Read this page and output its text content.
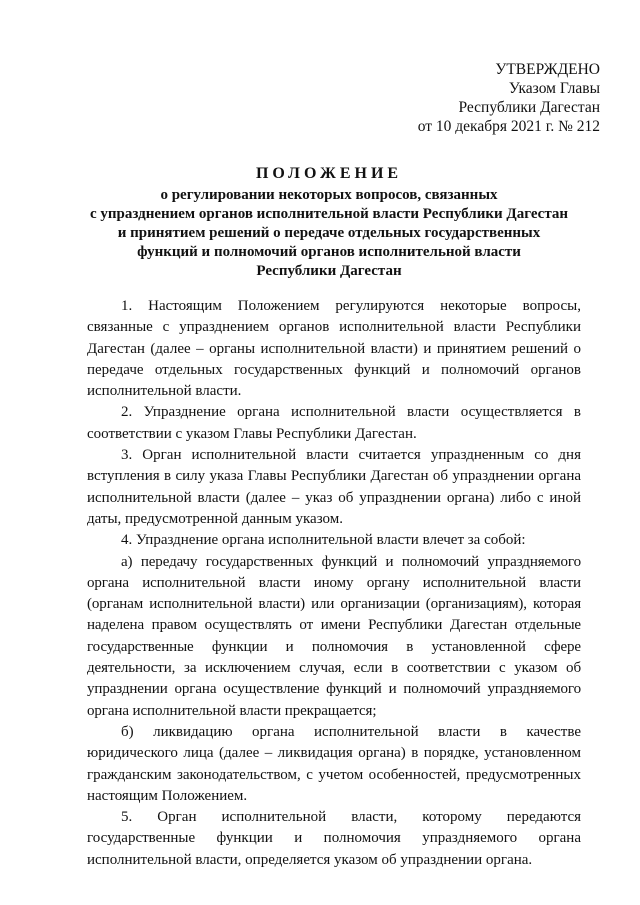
УТВЕРЖДЕНО
Указом Главы
Республики Дагестан
от 10 декабря 2021 г. № 212
ПОЛОЖЕНИЕ
о регулировании некоторых вопросов, связанных
с упразднением органов исполнительной власти Республики Дагестан
и принятием решений о передаче отдельных государственных
функций и полномочий органов исполнительной власти
Республики Дагестан

1. Настоящим Положением регулируются некоторые вопросы, связанные с упразднением органов исполнительной власти Республики Дагестан (далее – органы исполнительной власти) и принятием решений о передаче отдельных государственных функций и полномочий органов исполнительной власти.

2. Упразднение органа исполнительной власти осуществляется в соответствии с указом Главы Республики Дагестан.

3. Орган исполнительной власти считается упраздненным со дня вступления в силу указа Главы Республики Дагестан об упразднении органа исполнительной власти (далее – указ об упразднении органа) либо с иной даты, предусмотренной данным указом.

4. Упразднение органа исполнительной власти влечет за собой:

а) передачу государственных функций и полномочий упраздняемого органа исполнительной власти иному органу исполнительной власти (органам исполнительной власти) или организации (организациям), которая наделена правом осуществлять от имени Республики Дагестан отдельные государственные функции и полномочия в установленной сфере деятельности, за исключением случая, если в соответствии с указом об упразднении органа осуществление функций и полномочий упраздняемого органа исполнительной власти прекращается;

б) ликвидацию органа исполнительной власти в качестве юридического лица (далее – ликвидация органа) в порядке, установленном гражданским законодательством, с учетом особенностей, предусмотренных настоящим Положением.

5. Орган исполнительной власти, которому передаются государственные функции и полномочия упраздняемого органа исполнительной власти, определяется указом об упразднении органа.
